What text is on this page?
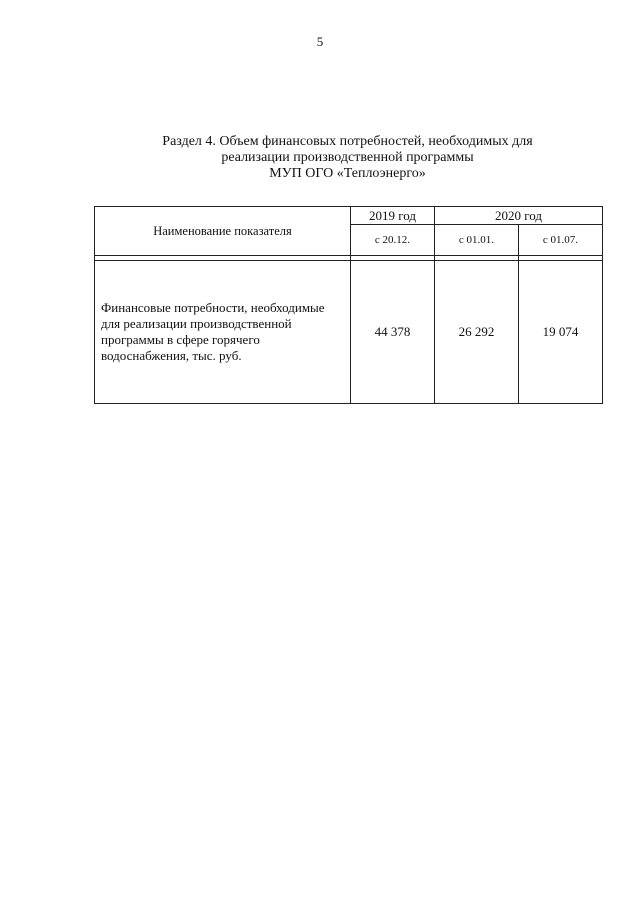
5
Раздел 4. Объем финансовых потребностей, необходимых для
реализации производственной программы
МУП ОГО «Теплоэнерго»
Наименование показателя	2019 год	2020 год	
	с 20.12.	с 01.01.	с 01.07.

Финансовые потребности, необходимые для реализации производственной программы в сфере горячего водоснабжения, тыс. руб.	44 378	26 292	19 074
